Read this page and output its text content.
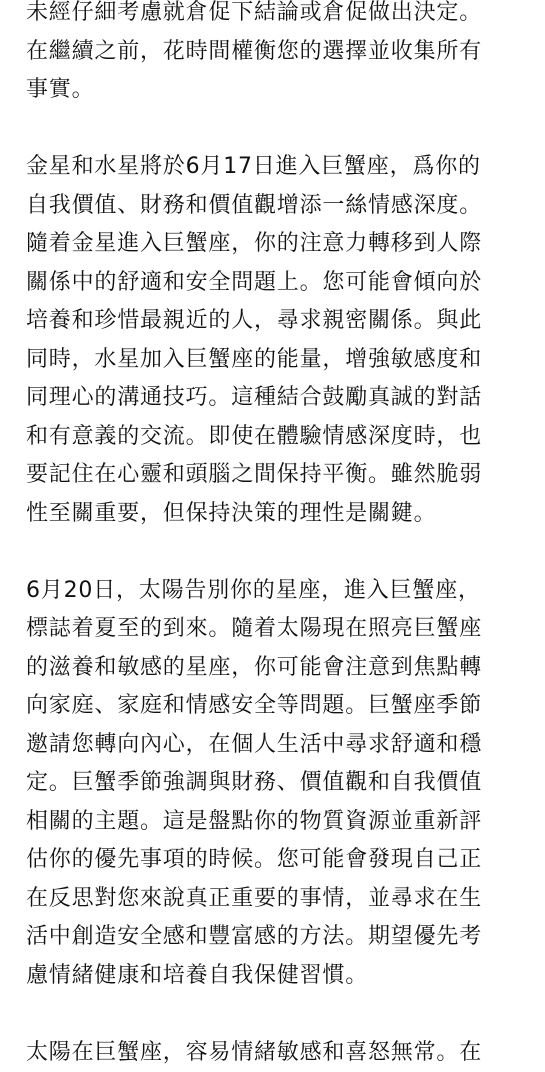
未經仔細考慮就倉促下結論或倉促做出決定。
在繼續之前，花時間權衡您的選擇並收集所有
事實。

金星和水星將於6月17日進入巨蟹座，爲你的
自我價值、財務和價值觀增添一絲情感深度。
隨着金星進入巨蟹座，你的注意力轉移到人際
關係中的舒適和安全問題上。您可能會傾向於
培養和珍惜最親近的人，尋求親密關係。與此
同時，水星加入巨蟹座的能量，增強敏感度和
同理心的溝通技巧。這種結合鼓勵真誠的對話
和有意義的交流。即使在體驗情感深度時，也
要記住在心靈和頭腦之間保持平衡。雖然脆弱
性至關重要，但保持決策的理性是關鍵。

6月20日，太陽告別你的星座，進入巨蟹座，
標誌着夏至的到來。隨着太陽現在照亮巨蟹座
的滋養和敏感的星座，你可能會注意到焦點轉
向家庭、家庭和情感安全等問題。巨蟹座季節
邀請您轉向內心，在個人生活中尋求舒適和穩
定。巨蟹季節強調與財務、價值觀和自我價值
相關的主題。這是盤點你的物質資源並重新評
估你的優先事項的時候。您可能會發現自己正
在反思對您來說真正重要的事情，並尋求在生
活中創造安全感和豐富感的方法。期望優先考
慮情緒健康和培養自我保健習慣。

太陽在巨蟹座，容易情緒敏感和喜怒無常。在
